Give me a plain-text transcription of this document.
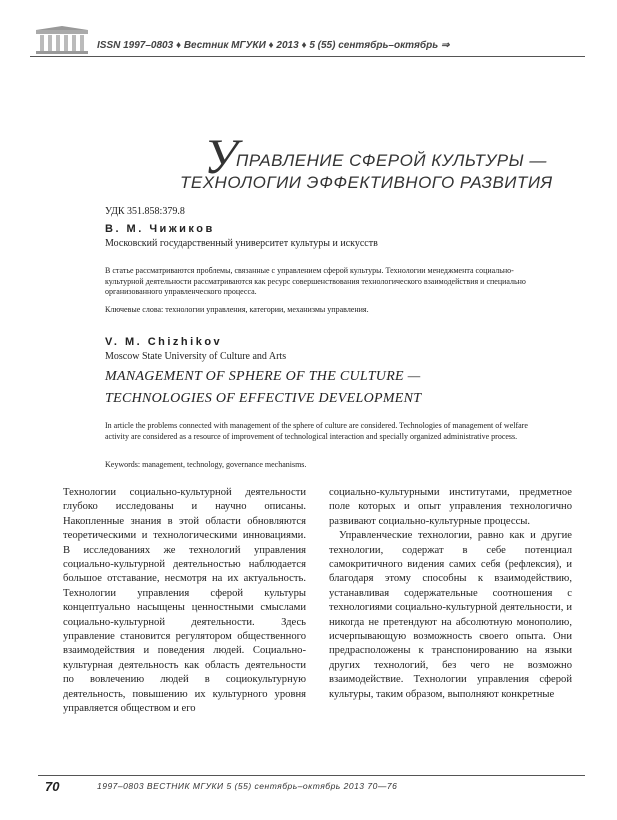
ISSN 1997–0803 ♦ Вестник МГУКИ ♦ 2013 ♦ 5 (55) сентябрь–октябрь ⇒
У
ПРАВЛЕНИЕ СФЕРОЙ КУЛЬТУРЫ —
ТЕХНОЛОГИИ ЭФФЕКТИВНОГО РАЗВИТИЯ
УДК 351.858:379.8
В. М. Чижиков
Московский государственный университет культуры и искусств
В статье рассматриваются проблемы, связанные с управлением сферой культуры. Технологии менеджмента социально-культурной деятельности рассматриваются как ресурс совершенствования технологического взаимодействия и специально организованного управленческого процесса.
Ключевые слова: технологии управления, категории, механизмы управления.
V. M. Chizhikov
Moscow State University of Culture and Arts
MANAGEMENT OF SPHERE OF THE CULTURE —
TECHNOLOGIES OF EFFECTIVE DEVELOPMENT
In article the problems connected with management of the sphere of culture are considered. Technologies of management of welfare activity are considered as a resource of improvement of technological interaction and specially organized administrative process.
Keywords: management, technology, governance mechanisms.

Технологии социально-культурной деятельности глубоко исследованы и научно описаны. Накопленные знания в этой области обновляются теоретическими и технологическими инновациями. В исследованиях же технологий управления социально-культурной деятельностью наблюдается большое отставание, несмотря на их актуальность. Технологии управления сферой культуры концептуально насыщены ценностными смыслами социально-культурной деятельности. Здесь управление становится регулятором общественного взаимодействия и поведения людей. Социально-культурная деятельность как область деятельности по вовлечению людей в социокультурную деятельность, повышению их культурного уровня управляется обществом и его

социально-культурными институтами, предметное поле которых и опыт управления технологично развивают социально-культурные процессы.

Управленческие технологии, равно как и другие технологии, содержат в себе потенциал самокритичного видения самих себя (рефлексия), и благодаря этому способны к взаимодействию, устанавливая содержательные соотношения с технологиями социально-культурной деятельности, и никогда не претендуют на абсолютную монополию, исчерпывающую возможность своего опыта. Они предрасположены к транспонированию на языки других технологий, без чего не возможно взаимодействие. Технологии управления сферой культуры, таким образом, выполняют конкретные

70	1997–0803 ВЕСТНИК МГУКИ 5 (55) сентябрь–октябрь 2013 70—76
